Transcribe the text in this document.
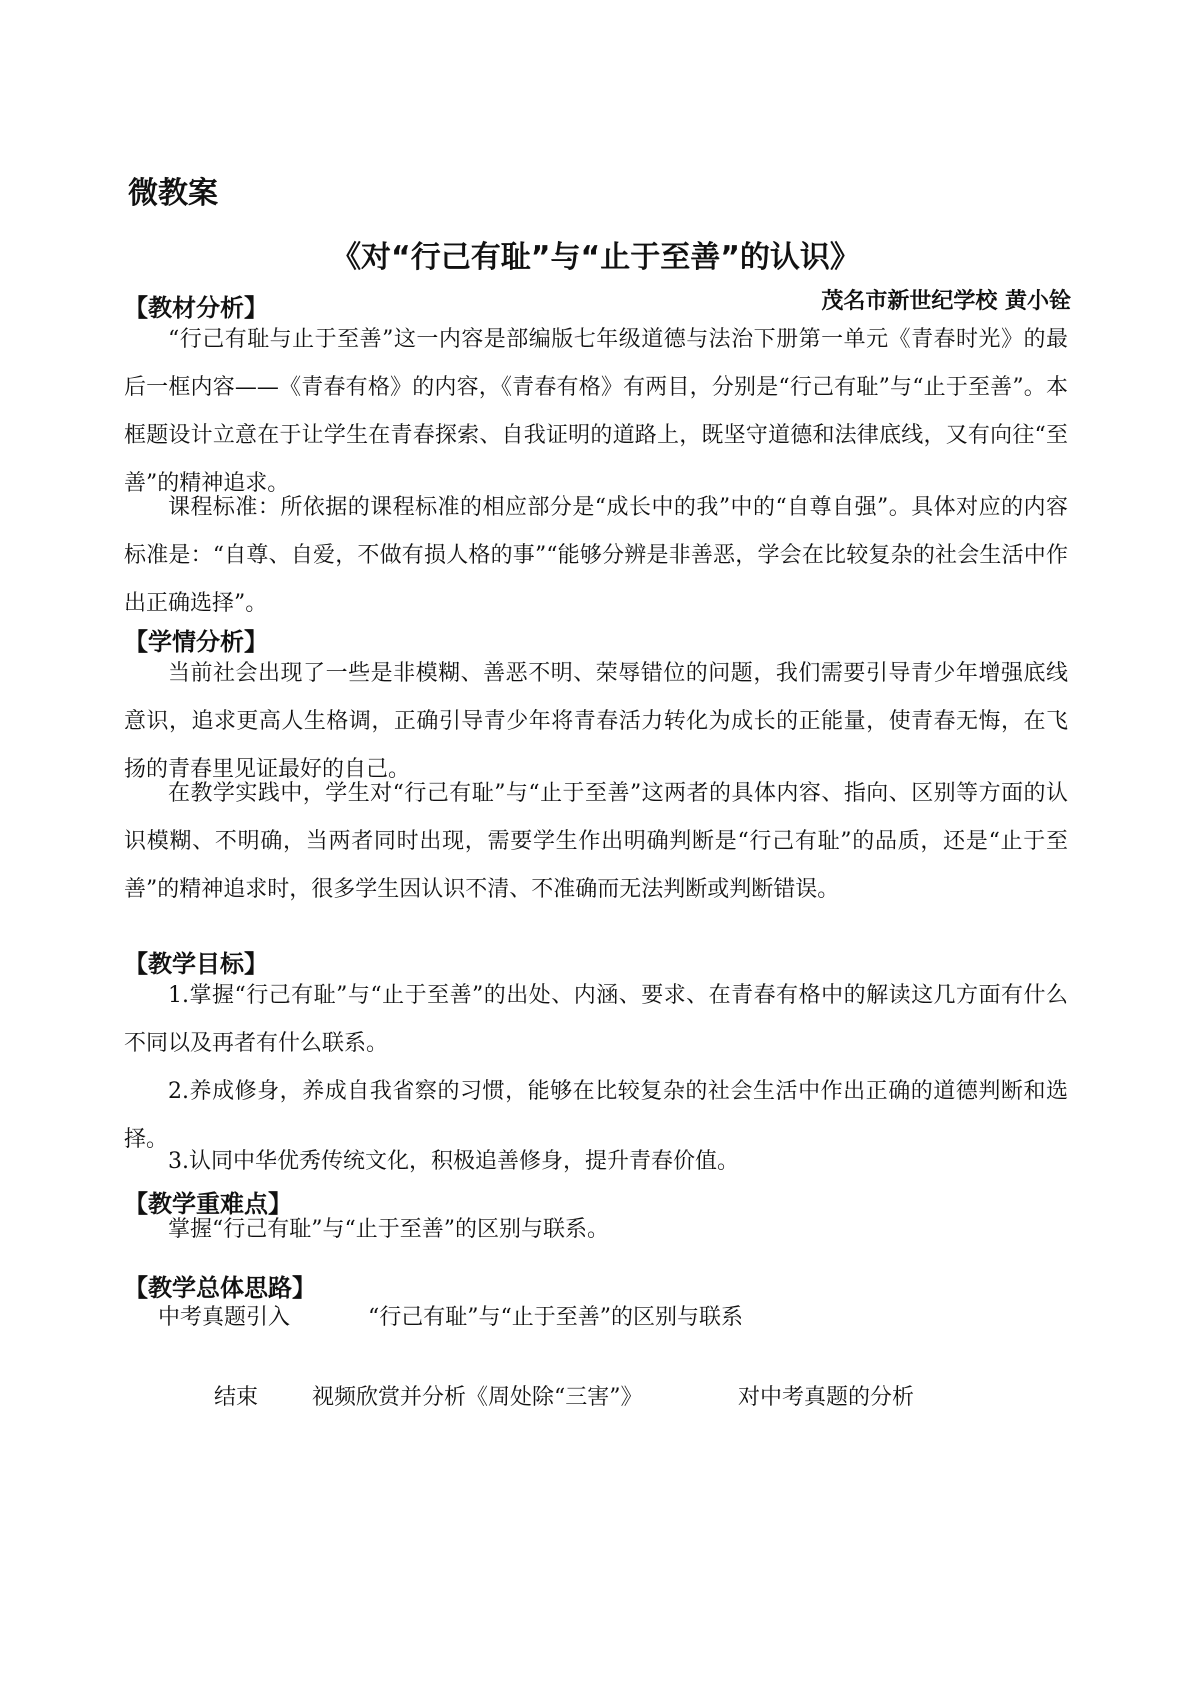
微教案
《对“行己有耻”与“止于至善”的认识》
茂名市新世纪学校 黄小铨
【教材分析】

“行己有耻与止于至善”这一内容是部编版七年级道德与法治下册第一单元《青春时光》的最后一框内容——《青春有格》的内容，《青春有格》有两目，分别是“行己有耻”与“止于至善”。本框题设计立意在于让学生在青春探索、自我证明的道路上，既坚守道德和法律底线，又有向往“至善”的精神追求。

课程标准：所依据的课程标准的相应部分是“成长中的我”中的“自尊自强”。具体对应的内容标准是：“自尊、自爱，不做有损人格的事”“能够分辨是非善恶，学会在比较复杂的社会生活中作出正确选择”。

【学情分析】

当前社会出现了一些是非模糊、善恶不明、荣辱错位的问题，我们需要引导青少年增强底线意识，追求更高人生格调，正确引导青少年将青春活力转化为成长的正能量，使青春无悔，在飞扬的青春里见证最好的自己。

在教学实践中，学生对“行己有耻”与“止于至善”这两者的具体内容、指向、区别等方面的认识模糊、不明确，当两者同时出现，需要学生作出明确判断是“行己有耻”的品质，还是“止于至善”的精神追求时，很多学生因认识不清、不准确而无法判断或判断错误。

【教学目标】

1.掌握“行己有耻”与“止于至善”的出处、内涵、要求、在青春有格中的解读这几方面有什么不同以及再者有什么联系。

2.养成修身，养成自我省察的习惯，能够在比较复杂的社会生活中作出正确的道德判断和选择。

3.认同中华优秀传统文化，积极追善修身，提升青春价值。

【教学重难点】

掌握“行己有耻”与“止于至善”的区别与联系。

【教学总体思路】
中考真题引入	“行己有耻”与“止于至善”的区别与联系
结束 视频欣赏并分析《周处除“三害”》	对中考真题的分析
